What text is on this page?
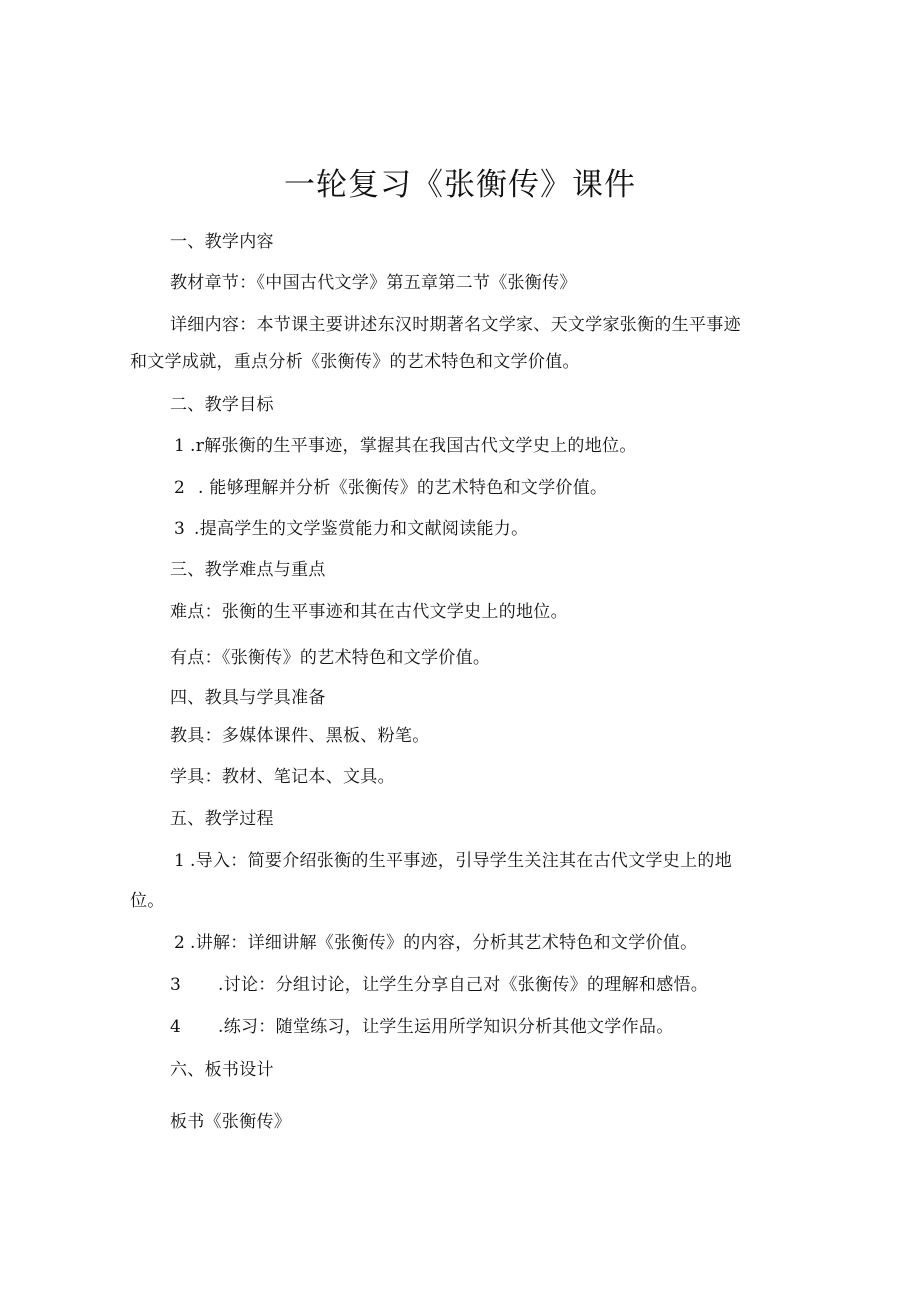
一轮复习《张衡传》课件
一、教学内容
教材章节：《中国古代文学》第五章第二节《张衡传》
详细内容：本节课主要讲述东汉时期著名文学家、天文学家张衡的生平事迹
和文学成就，重点分析《张衡传》的艺术特色和文学价值。
二、教学目标
1 .r解张衡的生平事迹，掌握其在我国古代文学史上的地位。
2 . 能够理解并分析《张衡传》的艺术特色和文学价值。
3 .提高学生的文学鉴赏能力和文献阅读能力。
三、教学难点与重点
难点：张衡的生平事迹和其在古代文学史上的地位。
有点：《张衡传》的艺术特色和文学价值。
四、教具与学具准备
教具：多媒体课件、黑板、粉笔。
学具：教材、笔记本、文具。
五、教学过程
1 .导入：简要介绍张衡的生平事迹，引导学生关注其在古代文学史上的地
位。
2 .讲解：详细讲解《张衡传》的内容，分析其艺术特色和文学价值。
3 .讨论：分组讨论，让学生分享自己对《张衡传》的理解和感悟。
4 .练习：随堂练习，让学生运用所学知识分析其他文学作品。
六、板书设计
板书《张衡传》
